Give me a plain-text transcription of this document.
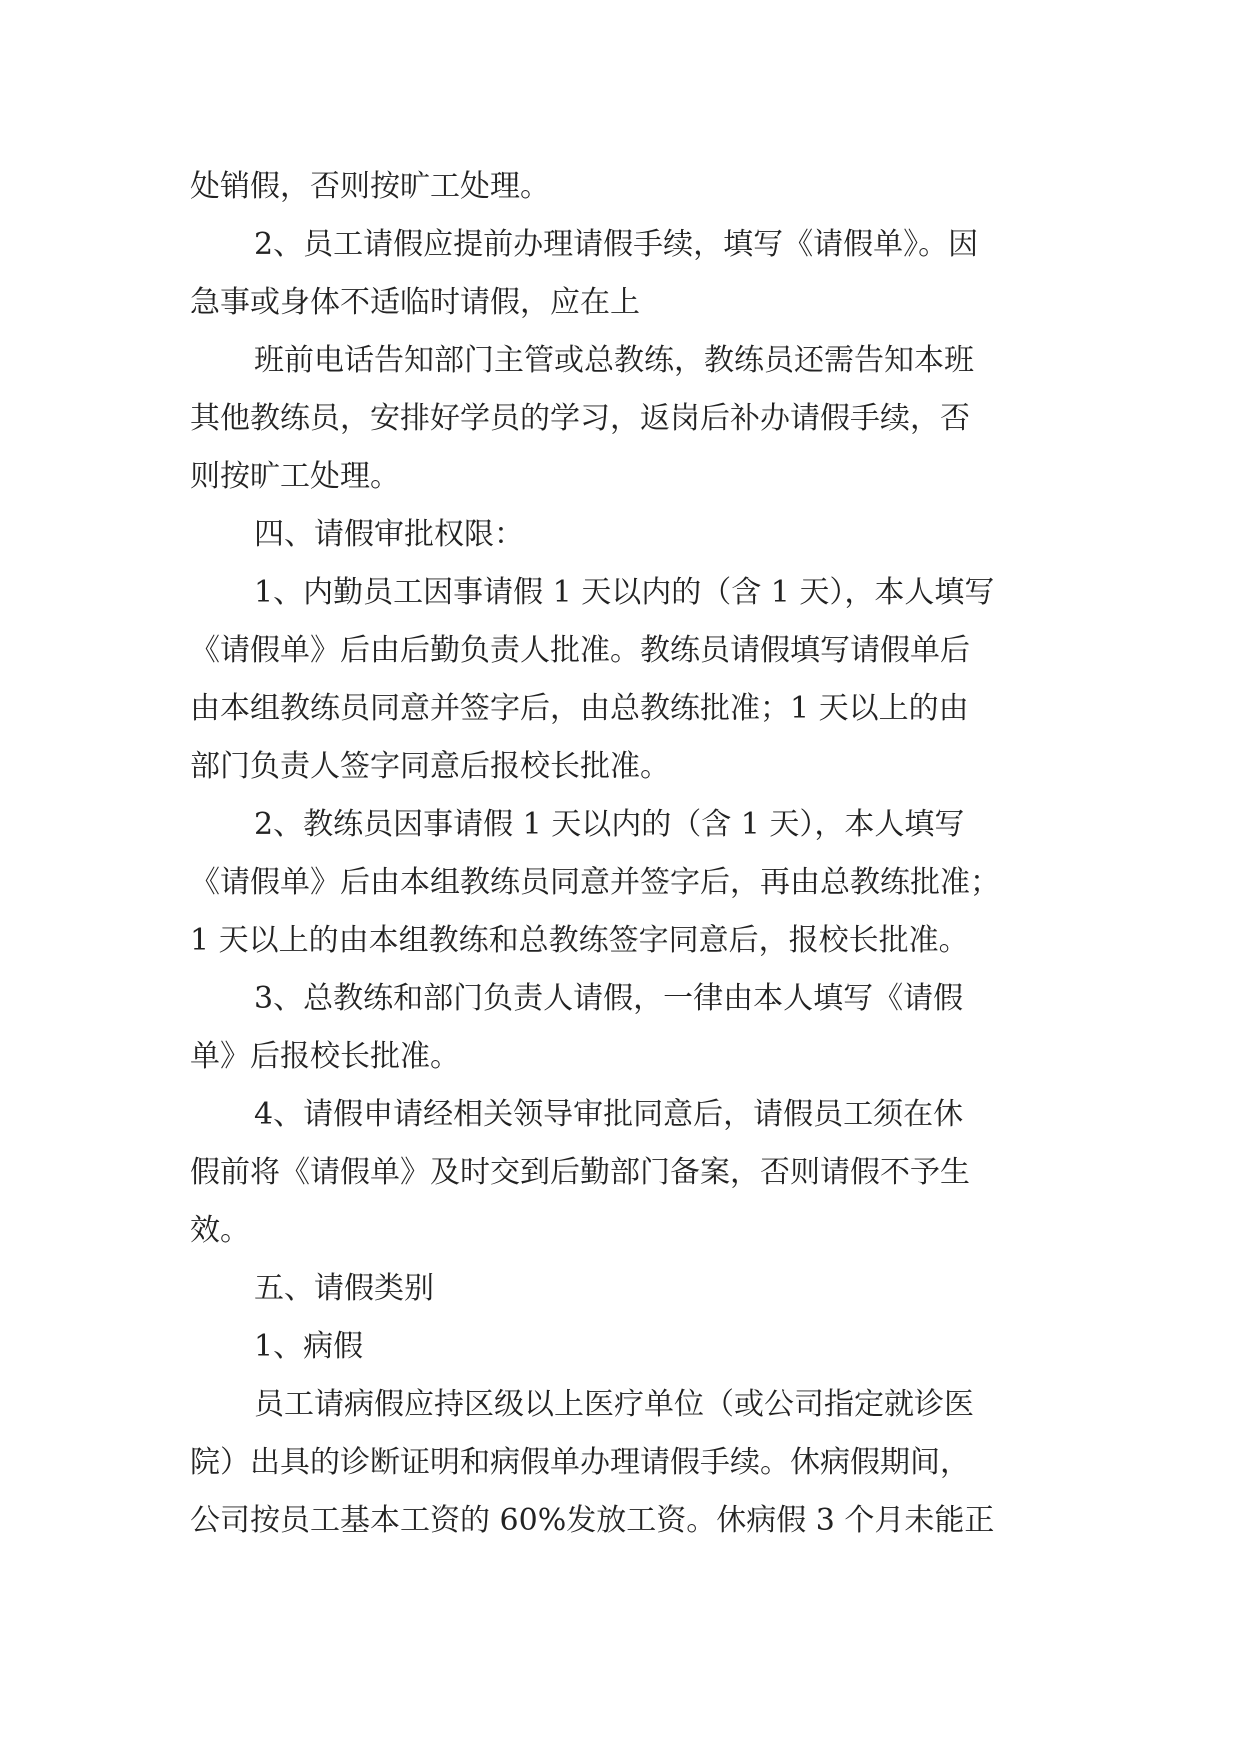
处销假，否则按旷工处理。
2、员工请假应提前办理请假手续，填写《请假单》。因
急事或身体不适临时请假，应在上
班前电话告知部门主管或总教练，教练员还需告知本班
其他教练员，安排好学员的学习，返岗后补办请假手续，否
则按旷工处理。
四、请假审批权限：
1、内勤员工因事请假 1 天以内的（含 1 天），本人填写
《请假单》后由后勤负责人批准。教练员请假填写请假单后
由本组教练员同意并签字后，由总教练批准；1 天以上的由
部门负责人签字同意后报校长批准。
2、教练员因事请假 1 天以内的（含 1 天），本人填写
《请假单》后由本组教练员同意并签字后，再由总教练批准；
1 天以上的由本组教练和总教练签字同意后，报校长批准。
3、总教练和部门负责人请假，一律由本人填写《请假
单》后报校长批准。
4、请假申请经相关领导审批同意后，请假员工须在休
假前将《请假单》及时交到后勤部门备案，否则请假不予生
效。
五、请假类别
1、病假
员工请病假应持区级以上医疗单位（或公司指定就诊医
院）出具的诊断证明和病假单办理请假手续。休病假期间，
公司按员工基本工资的 60%发放工资。休病假 3 个月未能正
